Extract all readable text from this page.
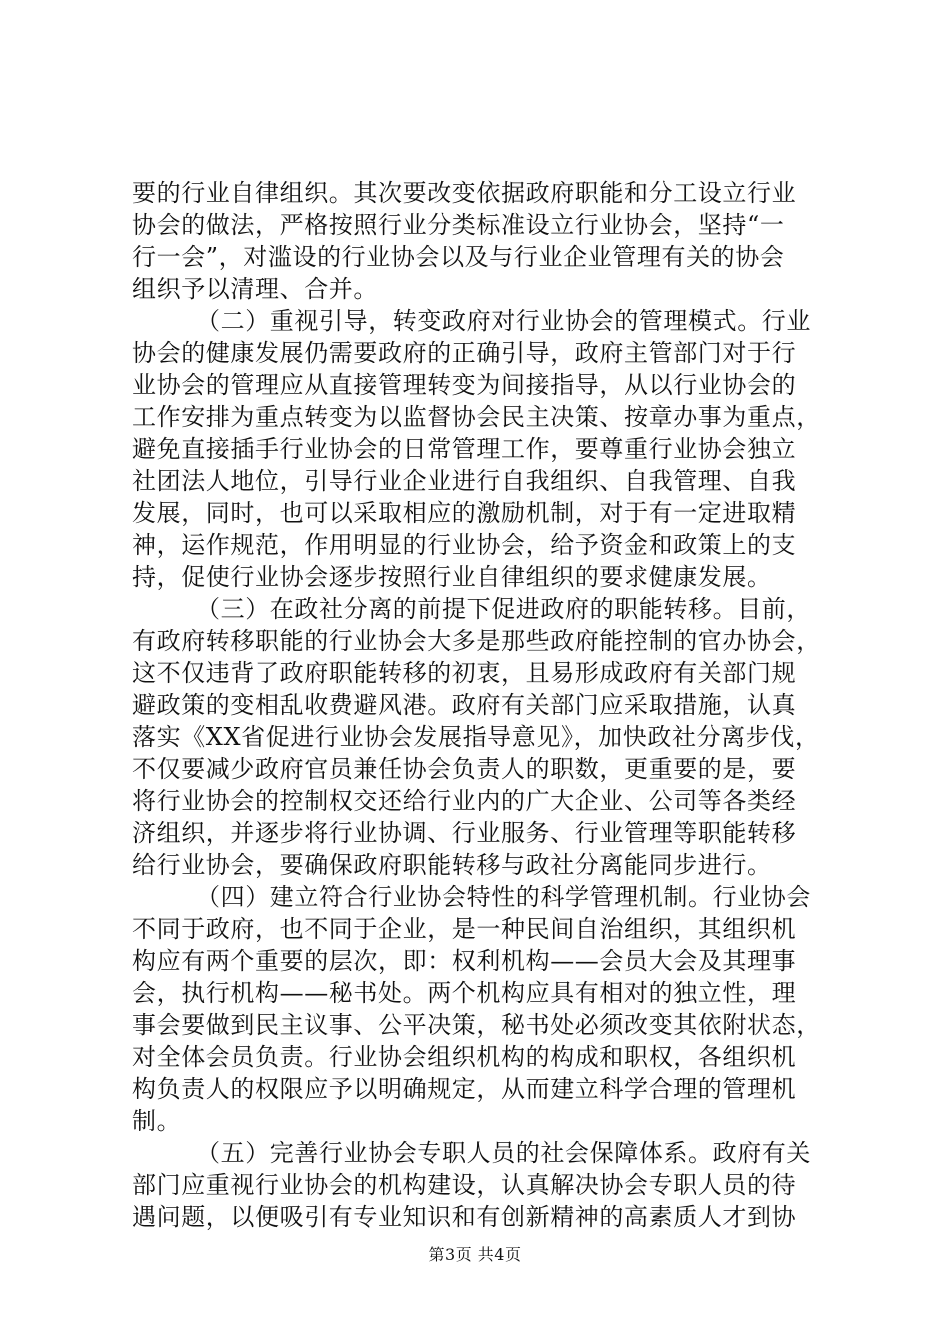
要的行业自律组织。其次要改变依据政府职能和分工设立行业
协会的做法，严格按照行业分类标准设立行业协会，坚持“一
行一会”，对滥设的行业协会以及与行业企业管理有关的协会
组织予以清理、合并。
（二）重视引导，转变政府对行业协会的管理模式。行业
协会的健康发展仍需要政府的正确引导，政府主管部门对于行
业协会的管理应从直接管理转变为间接指导，从以行业协会的
工作安排为重点转变为以监督协会民主决策、按章办事为重点，
避免直接插手行业协会的日常管理工作，要尊重行业协会独立
社团法人地位，引导行业企业进行自我组织、自我管理、自我
发展，同时，也可以采取相应的激励机制，对于有一定进取精
神，运作规范，作用明显的行业协会，给予资金和政策上的支
持，促使行业协会逐步按照行业自律组织的要求健康发展。
（三）在政社分离的前提下促进政府的职能转移。目前，
有政府转移职能的行业协会大多是那些政府能控制的官办协会，
这不仅违背了政府职能转移的初衷，且易形成政府有关部门规
避政策的变相乱收费避风港。政府有关部门应采取措施，认真
落实《XX省促进行业协会发展指导意见》，加快政社分离步伐，
不仅要减少政府官员兼任协会负责人的职数，更重要的是，要
将行业协会的控制权交还给行业内的广大企业、公司等各类经
济组织，并逐步将行业协调、行业服务、行业管理等职能转移
给行业协会，要确保政府职能转移与政社分离能同步进行。
（四）建立符合行业协会特性的科学管理机制。行业协会
不同于政府，也不同于企业，是一种民间自治组织，其组织机
构应有两个重要的层次，即：权利机构——会员大会及其理事
会，执行机构——秘书处。两个机构应具有相对的独立性，理
事会要做到民主议事、公平决策，秘书处必须改变其依附状态，
对全体会员负责。行业协会组织机构的构成和职权，各组织机
构负责人的权限应予以明确规定，从而建立科学合理的管理机
制。
（五）完善行业协会专职人员的社会保障体系。政府有关
部门应重视行业协会的机构建设，认真解决协会专职人员的待
遇问题，以便吸引有专业知识和有创新精神的高素质人才到协
第3页 共4页
